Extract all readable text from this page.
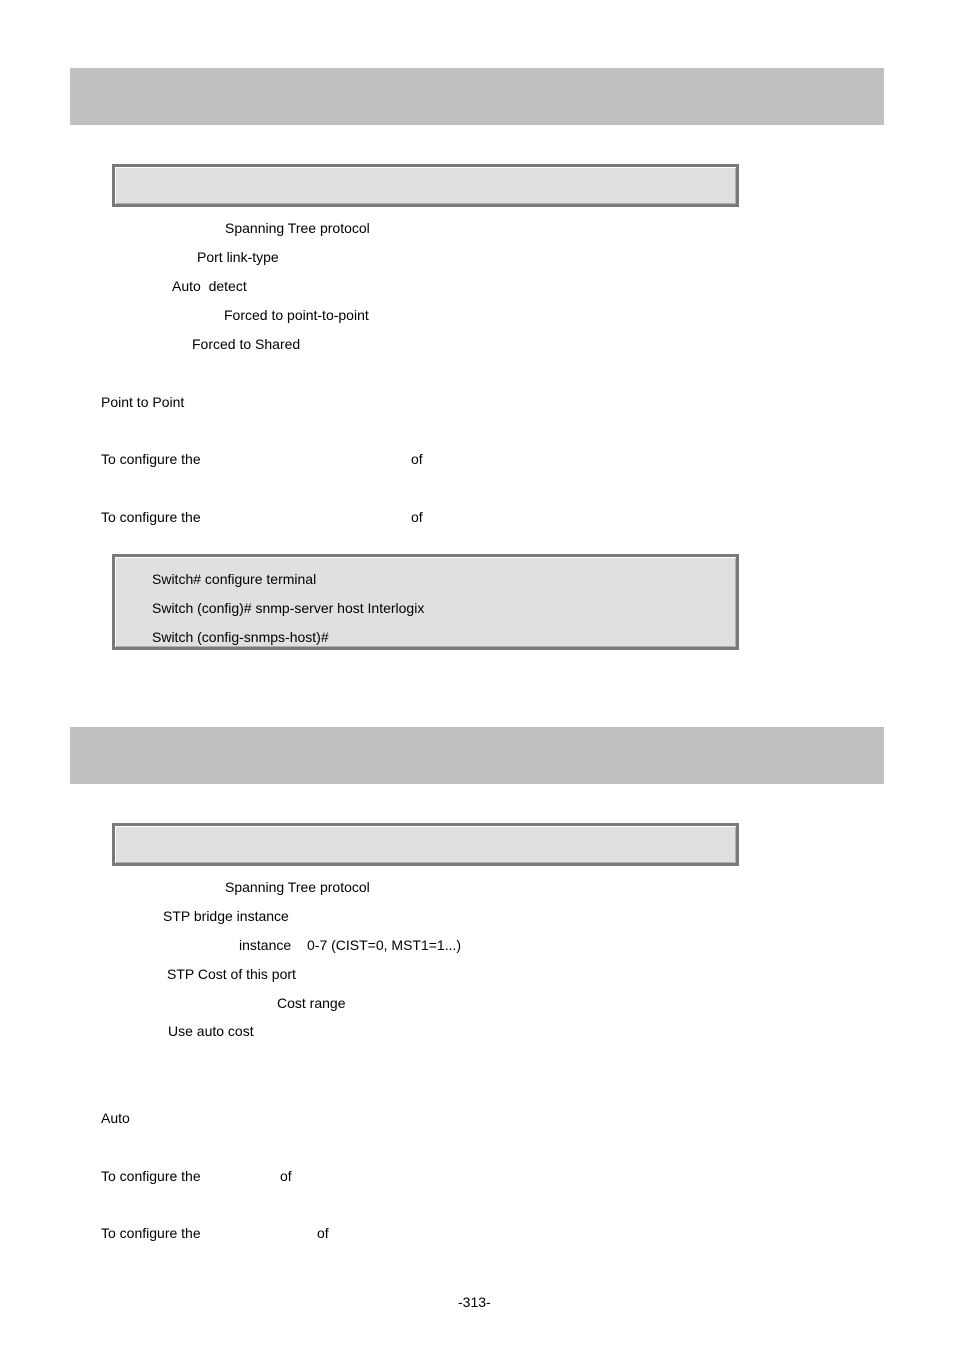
Spanning Tree protocol
Port link-type
Auto  detect
Forced to point-to-point
Forced to Shared
Point to Point
To configure the	of
To configure the	of
Switch# configure terminal
Switch (config)# snmp-server host Interlogix
Switch (config-snmps-host)#
Spanning Tree protocol
STP bridge instance
instance 0-7 (CIST=0, MST1=1...)
STP Cost of this port
Cost range
Use auto cost
Auto
To configure the	of
To configure the	of
-313-
